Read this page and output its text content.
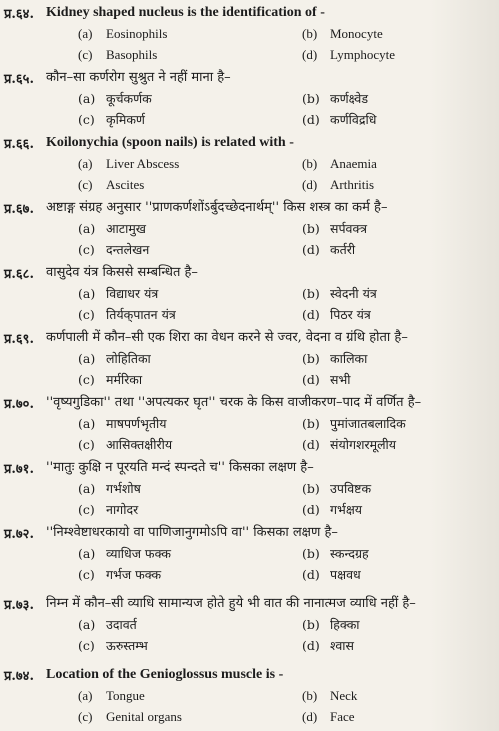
प्र.६४. Kidney shaped nucleus is the identification of -
(a) Eosinophils	(b) Monocyte
(c) Basophils	(d) Lymphocyte
प्र.६५. कौन–सा कर्णरोग सुश्रुत ने नहीं माना है–
(a) कूर्चकर्णक	(b) कर्णक्ष्वेड
(c) कृमिकर्ण	(d) कर्णविद्रधि
प्र.६६. Koilonychia (spoon nails) is related with -
(a) Liver Abscess	(b) Anaemia
(c) Ascites	(d) Arthritis
प्र.६७. अष्टाङ्ग संग्रह अनुसार ''प्राणकर्णशोंऽर्बुदच्छेदनार्थम्'' किस शस्त्र का कर्म है–
(a) आटामुख	(b) सर्पवक्त्र
(c) दन्तलेखन	(d) कर्तरी
प्र.६८. वासुदेव यंत्र किससे सम्बन्धित है–
(a) विद्याधर यंत्र	(b) स्वेदनी यंत्र
(c) तिर्यक्‌पातन यंत्र	(d) पिठर यंत्र
प्र.६९. कर्णपाली में कौन–सी एक शिरा का वेधन करने से ज्वर, वेदना व ग्रंथि होता है–
(a) लोहितिका	(b) कालिका
(c) मर्मरिका	(d) सभी
प्र.७०. ''वृष्यगुडिका'' तथा ''अपत्यकर घृत'' चरक के किस वाजीकरण–पाद में वर्णित है–
(a) माषपर्णभृतीय	(b) पुमांजातबलादिक
(c) आसिक्तक्षीरीय	(d) संयोगशरमूलीय
प्र.७१. ''मातुः कुक्षि न पूरयति मन्दं स्पन्दते च'' किसका लक्षण है–
(a) गर्भशोष	(b) उपविष्टक
(c) नागोदर	(d) गर्भक्षय
प्र.७२. ''निम्श्वेष्टाधरकायो वा पाणिजानुगमोऽपि वा'' किसका लक्षण है–
(a) व्याधिज फक्क	(b) स्कन्दग्रह
(c) गर्भज फक्क	(d) पक्षवध
प्र.७३. निम्न में कौन–सी व्याधि सामान्यज होते हुये भी वात की नानात्मज व्याधि नहीं है–
(a) उदावर्त	(b) हिक्का
(c) ऊरुस्तम्भ	(d) श्वास
प्र.७४. Location of the Genioglossus muscle is -
(a) Tongue	(b) Neck
(c) Genital organs	(d) Face
